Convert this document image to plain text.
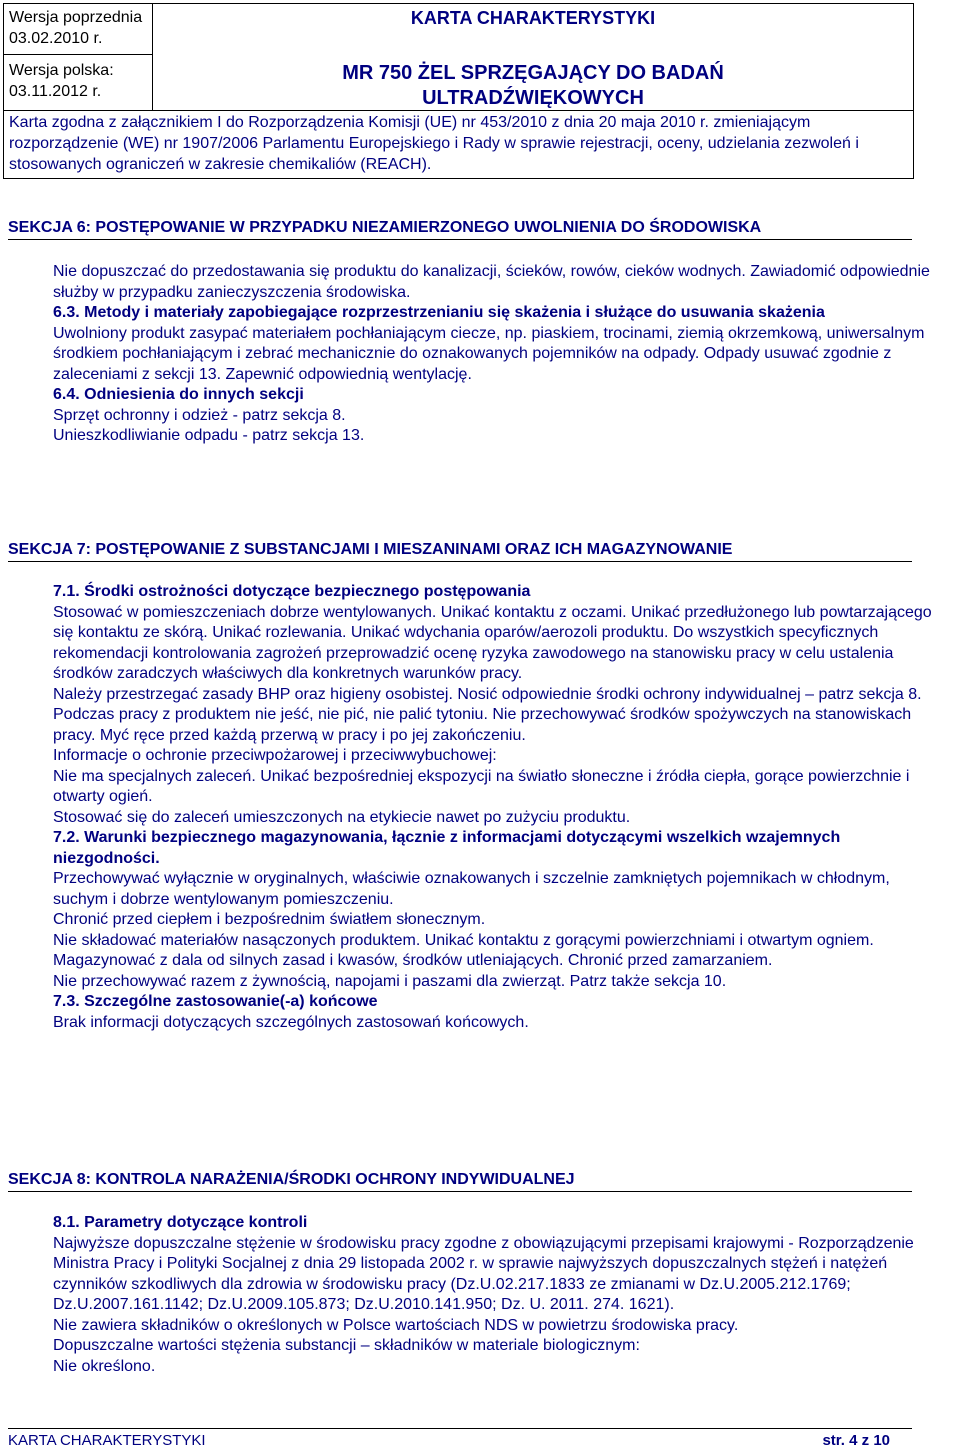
Wersja poprzednia
03.02.2010 r.
Wersja polska:
03.11.2012 r.
KARTA CHARAKTERYSTYKI
MR 750 ŻEL SPRZĘGAJĄCY DO BADAŃ
ULTRADŹWIĘKOWYCH
Karta zgodna z załącznikiem I do Rozporządzenia Komisji (UE) nr 453/2010 z dnia 20 maja 2010 r. zmieniającym rozporządzenie (WE) nr 1907/2006 Parlamentu Europejskiego i Rady w sprawie rejestracji, oceny, udzielania zezwoleń i stosowanych ograniczeń w zakresie chemikaliów (REACH).
SEKCJA 6: POSTĘPOWANIE W PRZYPADKU NIEZAMIERZONEGO UWOLNIENIA DO ŚRODOWISKA

Nie dopuszczać do przedostawania się produktu do kanalizacji, ścieków, rowów, cieków wodnych. Zawiadomić odpowiednie służby w przypadku zanieczyszczenia środowiska.

6.3. Metody i materiały zapobiegające rozprzestrzenianiu się skażenia i służące do usuwania skażenia

Uwolniony produkt zasypać materiałem pochłaniającym ciecze, np. piaskiem, trocinami, ziemią okrzemkową, uniwersalnym środkiem pochłaniającym i zebrać mechanicznie do oznakowanych pojemników na odpady. Odpady usuwać zgodnie z zaleceniami z sekcji 13. Zapewnić odpowiednią wentylację.

6.4. Odniesienia do innych sekcji

Sprzęt ochronny i odzież - patrz sekcja 8.

Unieszkodliwianie odpadu - patrz sekcja 13.

SEKCJA 7: POSTĘPOWANIE Z SUBSTANCJAMI I MIESZANINAMI ORAZ ICH MAGAZYNOWANIE

7.1. Środki ostrożności dotyczące bezpiecznego postępowania

Stosować w pomieszczeniach dobrze wentylowanych. Unikać kontaktu z oczami. Unikać przedłużonego lub powtarzającego się kontaktu ze skórą. Unikać rozlewania. Unikać wdychania oparów/aerozoli produktu. Do wszystkich specyficznych rekomendacji kontrolowania zagrożeń przeprowadzić ocenę ryzyka zawodowego na stanowisku pracy w celu ustalenia środków zaradczych właściwych dla konkretnych warunków pracy.

Należy przestrzegać zasady BHP oraz higieny osobistej. Nosić odpowiednie środki ochrony indywidualnej – patrz sekcja 8. Podczas pracy z produktem nie jeść, nie pić, nie palić tytoniu. Nie przechowywać środków spożywczych na stanowiskach pracy. Myć ręce przed każdą przerwą w pracy i po jej zakończeniu.

Informacje o ochronie przeciwpożarowej i przeciwwybuchowej:

Nie ma specjalnych zaleceń. Unikać bezpośredniej ekspozycji na światło słoneczne i źródła ciepła, gorące powierzchnie i otwarty ogień.

Stosować się do zaleceń umieszczonych na etykiecie nawet po zużyciu produktu.

7.2. Warunki bezpiecznego magazynowania, łącznie z informacjami dotyczącymi wszelkich wzajemnych niezgodności.

Przechowywać wyłącznie w oryginalnych, właściwie oznakowanych i szczelnie zamkniętych pojemnikach w chłodnym, suchym i dobrze wentylowanym pomieszczeniu.

Chronić przed ciepłem i bezpośrednim światłem słonecznym.

Nie składować materiałów nasączonych produktem. Unikać kontaktu z gorącymi powierzchniami i otwartym ogniem. Magazynować z dala od silnych zasad i kwasów, środków utleniających. Chronić przed zamarzaniem.

Nie przechowywać razem z żywnością, napojami i paszami dla zwierząt. Patrz także sekcja 10.

7.3. Szczególne zastosowanie(-a) końcowe

Brak informacji dotyczących szczególnych zastosowań końcowych.

SEKCJA 8: KONTROLA NARAŻENIA/ŚRODKI OCHRONY INDYWIDUALNEJ

8.1. Parametry dotyczące kontroli

Najwyższe dopuszczalne stężenie w środowisku pracy zgodne z obowiązującymi przepisami krajowymi - Rozporządzenie Ministra Pracy i Polityki Socjalnej z dnia 29 listopada 2002 r. w sprawie najwyższych dopuszczalnych stężeń i natężeń czynników szkodliwych dla zdrowia w środowisku pracy (Dz.U.02.217.1833 ze zmianami w Dz.U.2005.212.1769; Dz.U.2007.161.1142; Dz.U.2009.105.873; Dz.U.2010.141.950; Dz. U. 2011. 274. 1621).

Nie zawiera składników o określonych w Polsce wartościach NDS w powietrzu środowiska pracy.

Dopuszczalne wartości stężenia substancji – składników w materiale biologicznym:

Nie określono.

KARTA CHARAKTERYSTYKI	str. 4 z 10
